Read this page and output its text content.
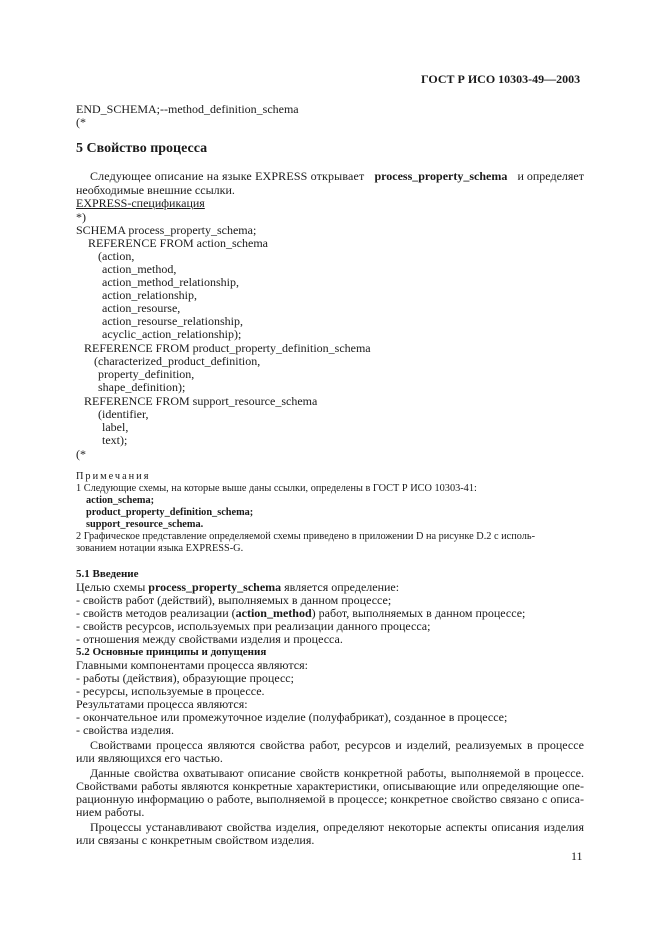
ГОСТ Р ИСО 10303-49—2003
END_SCHEMA;--method_definition_schema
(*
5 Свойство процесса
Следующее описание на языке EXPRESS открывает process_property_schema и определяет
необходимые внешние ссылки.
EXPRESS-спецификация
*)
SCHEMA process_property_schema;
REFERENCE FROM action_schema
(action,
action_method,
action_method_relationship,
action_relationship,
action_resourse,
action_resourse_relationship,
acyclic_action_relationship);
REFERENCE FROM product_property_definition_schema
(characterized_product_definition,
property_definition,
shape_definition);
REFERENCE FROM support_resource_schema
(identifier,
label,
text);
(*
Примечания
1 Следующие схемы, на которые выше даны ссылки, определены в ГОСТ Р ИСО 10303-41:
action_schema;
product_property_definition_schema;
support_resource_schema.
2 Графическое представление определяемой схемы приведено в приложении D на рисунке D.2 с исполь-
зованием нотации языка EXPRESS-G.
5.1 Введение
Целью схемы process_property_schema является определение:
- свойств работ (действий), выполняемых в данном процессе;
- свойств методов реализации (action_method) работ, выполняемых в данном процессе;
- свойств ресурсов, используемых при реализации данного процесса;
- отношения между свойствами изделия и процесса.
5.2 Основные принципы и допущения
Главными компонентами процесса являются:
- работы (действия), образующие процесс;
- ресурсы, используемые в процессе.
Результатами процесса являются:
- окончательное или промежуточное изделие (полуфабрикат), созданное в процессе;
- свойства изделия.
Свойствами процесса являются свойства работ, ресурсов и изделий, реализуемых в процессе
или являющихся его частью.
Данные свойства охватывают описание свойств конкретной работы, выполняемой в процессе.
Свойствами работы являются конкретные характеристики, описывающие или определяющие опе-
рационную информацию о работе, выполняемой в процессе; конкретное свойство связано с описа-
нием работы.
Процессы устанавливают свойства изделия, определяют некоторые аспекты описания изделия
или связаны с конкретным свойством изделия.
11
